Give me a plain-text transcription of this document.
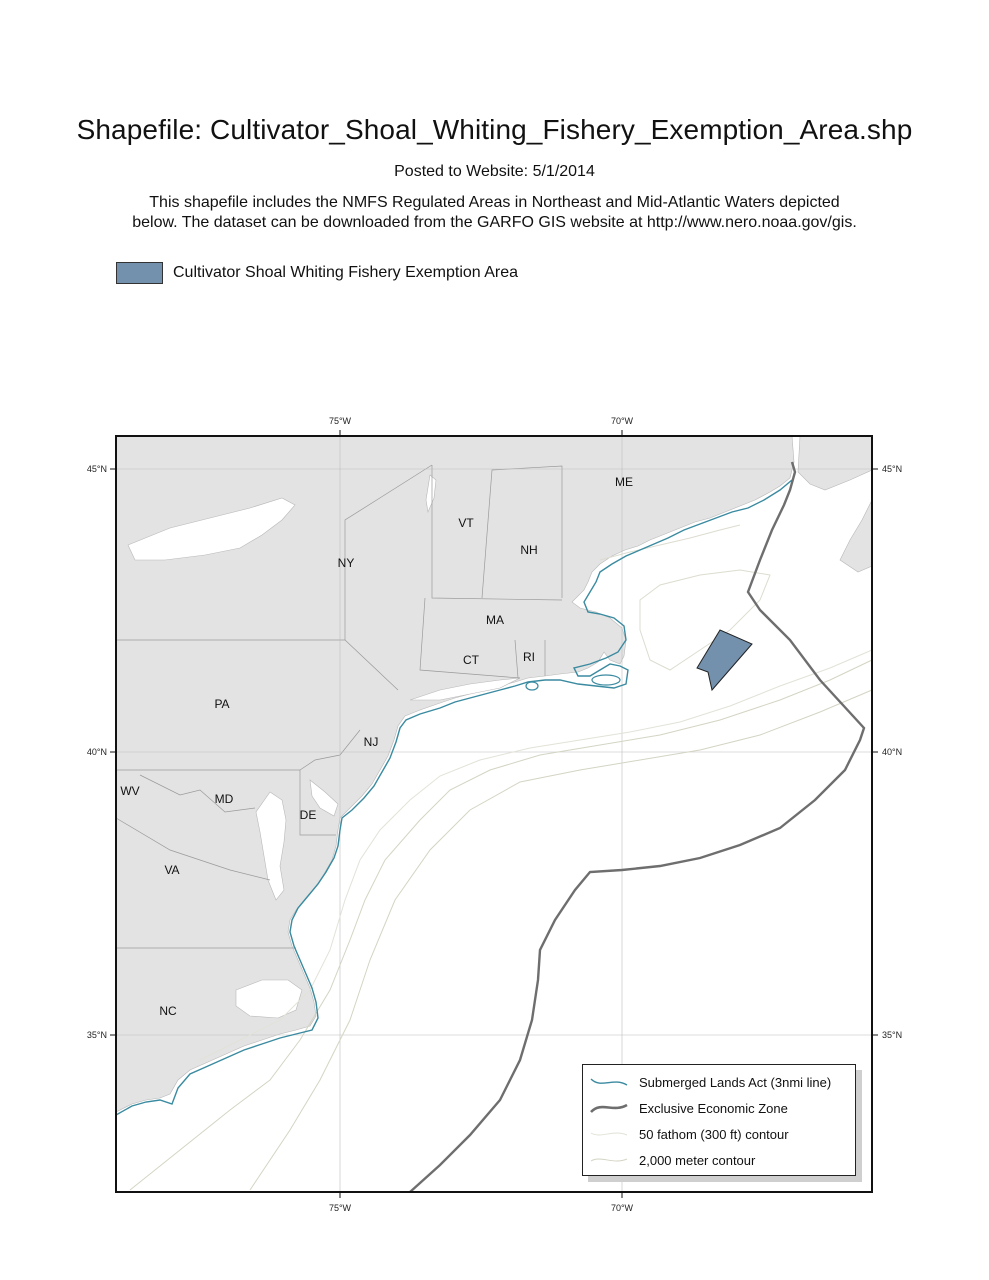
Shapefile: Cultivator_Shoal_Whiting_Fishery_Exemption_Area.shp
Posted to Website: 5/1/2014
This shapefile includes the NMFS Regulated Areas in Northeast and Mid-Atlantic Waters depicted
below. The dataset can be downloaded from the GARFO GIS website at http://www.nero.noaa.gov/gis.
Cultivator Shoal Whiting Fishery Exemption Area
75°W	70°W
75°W	70°W
45°N
40°N
35°N
45°N
40°N
35°N
ME
VT
NH
NY
MA
CT	RI
PA
NJ
WV
MD
DE
VA
NC
Submerged Lands Act (3nmi line)
Exclusive Economic Zone
50 fathom (300 ft) contour
2,000 meter contour
